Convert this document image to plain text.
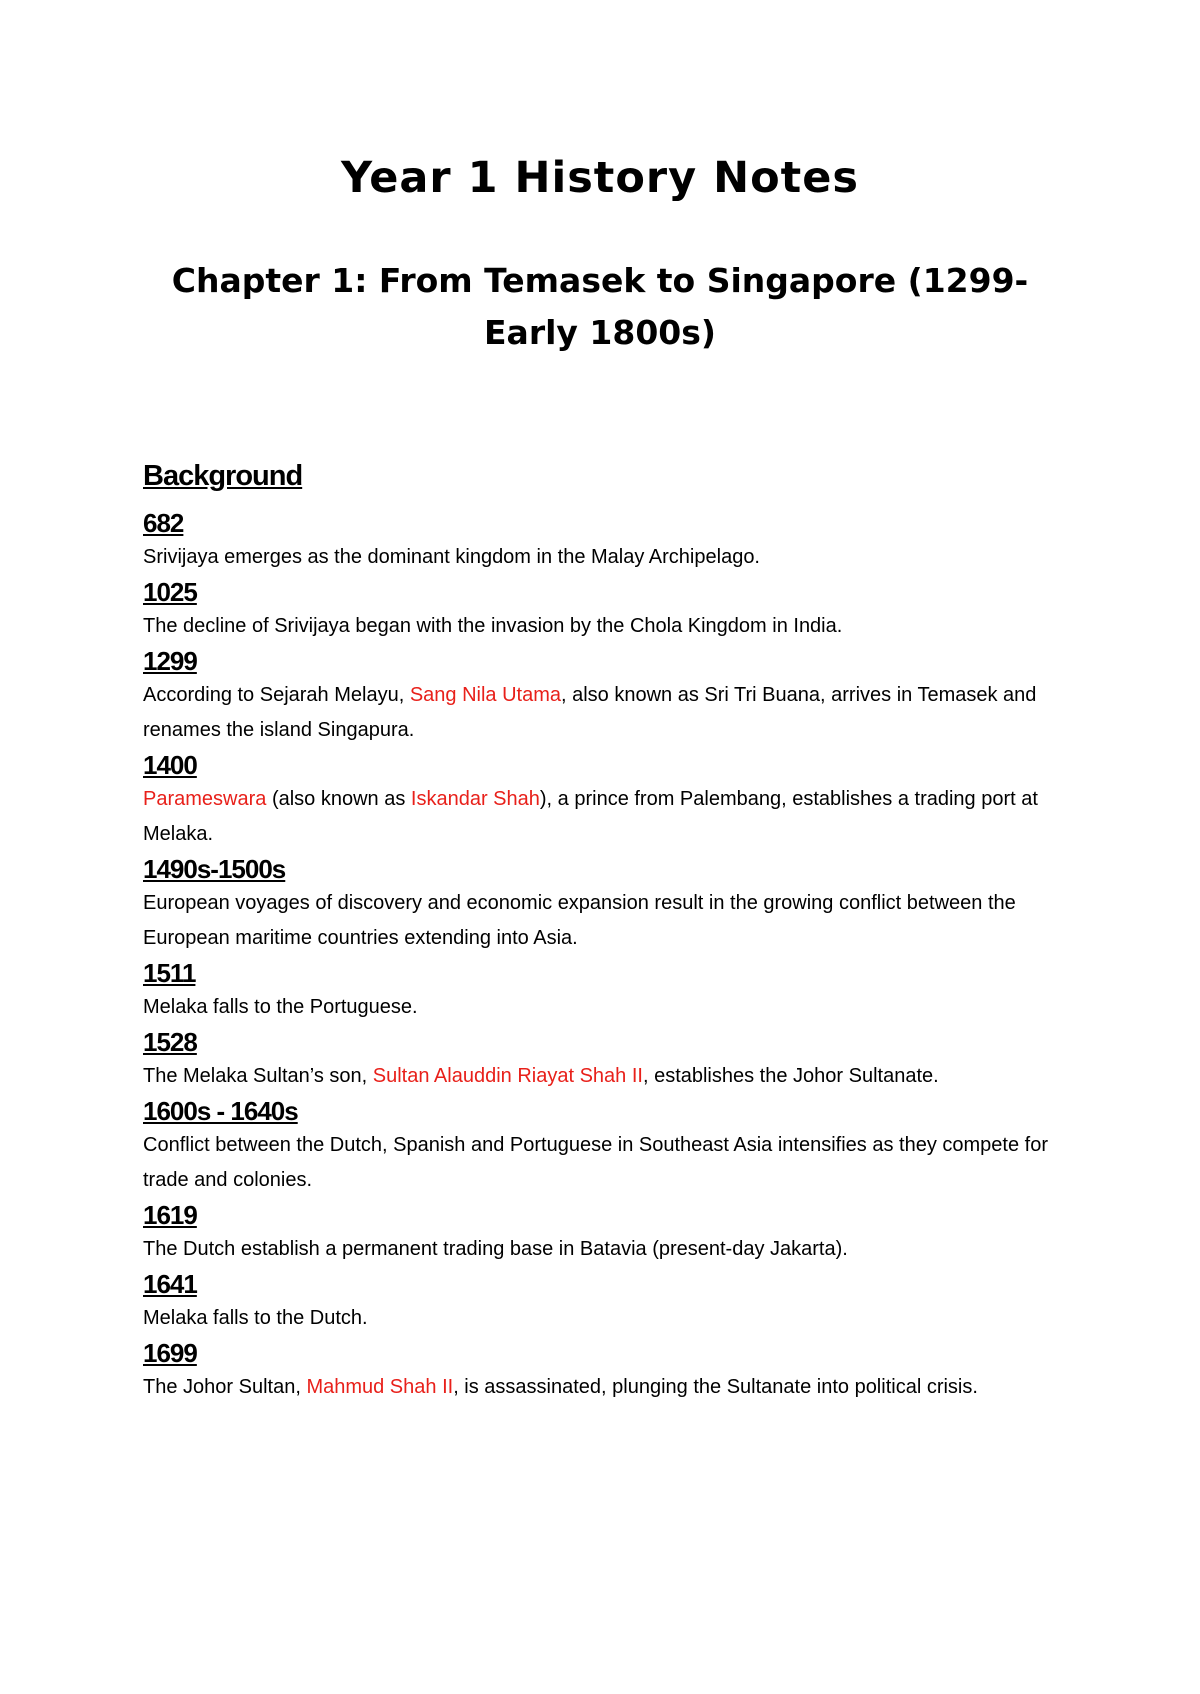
Year 1 History Notes
Chapter 1: From Temasek to Singapore (1299-Early 1800s)
Background
682
Srivijaya emerges as the dominant kingdom in the Malay Archipelago.
1025
The decline of Srivijaya began with the invasion by the Chola Kingdom in India.
1299
According to Sejarah Melayu, Sang Nila Utama, also known as Sri Tri Buana, arrives in Temasek and renames the island Singapura.
1400
Parameswara (also known as Iskandar Shah), a prince from Palembang, establishes a trading port at Melaka.
1490s-1500s
European voyages of discovery and economic expansion result in the growing conflict between the European maritime countries extending into Asia.
1511
Melaka falls to the Portuguese.
1528
The Melaka Sultan’s son, Sultan Alauddin Riayat Shah II, establishes the Johor Sultanate.
1600s - 1640s
Conflict between the Dutch, Spanish and Portuguese in Southeast Asia intensifies as they compete for trade and colonies.
1619
The Dutch establish a permanent trading base in Batavia (present-day Jakarta).
1641
Melaka falls to the Dutch.
1699
The Johor Sultan, Mahmud Shah II, is assassinated, plunging the Sultanate into political crisis.
